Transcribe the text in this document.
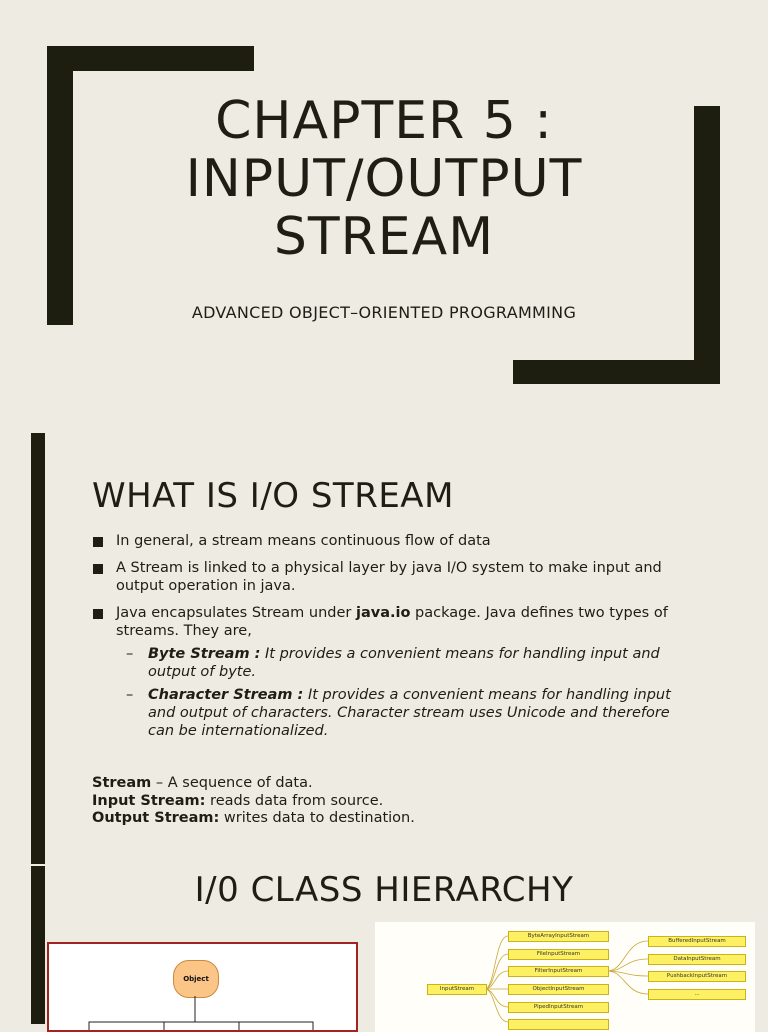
CHAPTER 5 :
INPUT/OUTPUT
STREAM
ADVANCED OBJECT–ORIENTED PROGRAMMING
WHAT IS I/O STREAM
In general, a stream means continuous flow of data
A Stream is linked to a physical layer by java I/O system to make input and output operation in java.
Java encapsulates Stream under java.io package. Java defines two types of streams. They are,
– Byte Stream : It provides a convenient means for handling input and output of byte.
– Character Stream : It provides a convenient means for handling input and output of characters. Character stream uses Unicode and therefore can be internationalized.
Stream – A sequence of data.
Input Stream: reads data from source.
Output Stream: writes data to destination.
I/0 CLASS HIERARCHY
Object
InputStream
ByteArrayInputStream
FileInputStream
FilterInputStream
ObjectInputStream
PipedInputStream
BufferedInputStream
DataInputStream
PushbackInputStream
...
